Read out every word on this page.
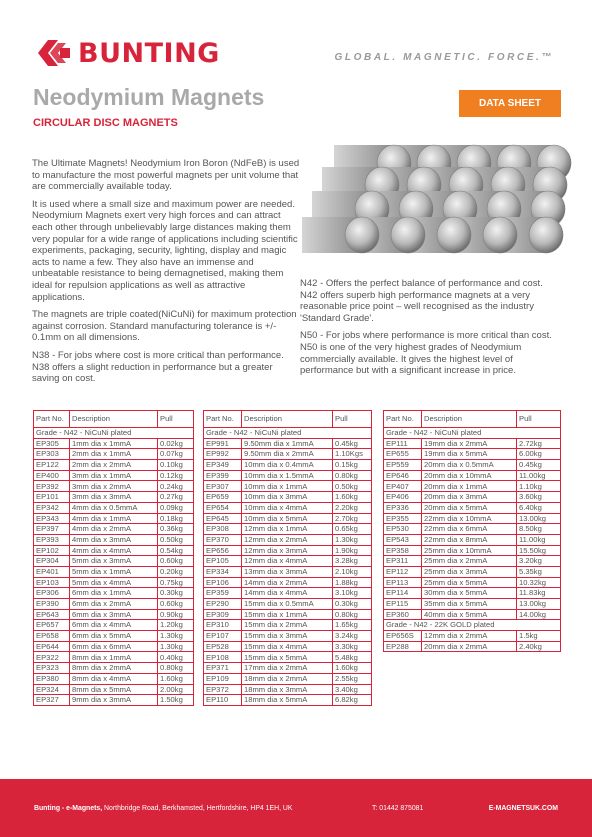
BUNTING	GLOBAL. MAGNETIC. FORCE.™
Neodymium Magnets
CIRCULAR DISC MAGNETS
DATA SHEET

The Ultimate Magnets! Neodymium Iron Boron (NdFeB) is used to manufacture the most powerful magnets per unit volume that are commercially available today.

It is used where a small size and maximum power are needed. Neodymium Magnets exert very high forces and can attract each other through unbelievably large distances making them very popular for a wide range of applications including scientific experiments, packaging, security, lighting, display and magic acts to name a few. They also have an immense and unbeatable resistance to being demagnetised, making them ideal for repulsion applications as well as attractive applications.

The magnets are triple coated(NiCuNi) for maximum protection against corrosion. Standard manufacturing tolerance is +/- 0.1mm on all dimensions.

N38 - For jobs where cost is more critical than performance. N38 offers a slight reduction in performance but a greater saving on cost.

N42 - Offers the perfect balance of performance and cost. N42 offers superb high performance magnets at a very reasonable price point – well recognised as the industry 'Standard Grade'.

N50 - For jobs where performance is more critical than cost. N50 is one of the very highest grades of Neodymium commercially available. It gives the highest level of performance but with a significant increase in price.

Part No.	Description	Pull
Grade - N42 - NiCuNi plated		
EP305	1mm dia x 1mmA	0.02kg
EP303	2mm dia x 1mmA	0.07kg
EP122	2mm dia x 2mmA	0.10kg
EP400	3mm dia x 1mmA	0.12kg
EP392	3mm dia x 2mmA	0.24kg
EP101	3mm dia x 3mmA	0.27kg
EP342	4mm dia x 0.5mmA	0.09kg
EP343	4mm dia x 1mmA	0.18kg
EP397	4mm dia x 2mmA	0.36kg
EP393	4mm dia x 3mmA	0.50kg
EP102	4mm dia x 4mmA	0.54kg
EP304	5mm dia x 3mmA	0.60kg
EP401	5mm dia x 1mmA	0.20kg
EP103	5mm dia x 4mmA	0.75kg
EP306	6mm dia x 1mmA	0.30kg
EP390	6mm dia x 2mmA	0.60kg
EP643	6mm dia x 3mmA	0.90kg
EP657	6mm dia x 4mmA	1.20kg
EP658	6mm dia x 5mmA	1.30kg
EP644	6mm dia x 6mmA	1.30kg
EP322	8mm dia x 1mmA	0.40kg
EP323	8mm dia x 2mmA	0.80kg
EP380	8mm dia x 4mmA	1.60kg
EP324	8mm dia x 5mmA	2.00kg
EP327	9mm dia x 3mmA	1.50kg
Part No.	Description	Pull
Grade - N42 - NiCuNi plated		
EP991	9.50mm dia x 1mmA	0.45kg
EP992	9.50mm dia x 2mmA	1.10Kgs
EP349	10mm dia x 0.4mmA	0.15kg
EP399	10mm dia x 1.5mmA	0.80kg
EP307	10mm dia x 1mmA	0.50kg
EP659	10mm dia x 3mmA	1.60kg
EP654	10mm dia x 4mmA	2.20kg
EP645	10mm dia x 5mmA	2.70kg
EP308	12mm dia x 1mmA	0.65kg
EP370	12mm dia x 2mmA	1.30kg
EP656	12mm dia x 3mmA	1.90kg
EP105	12mm dia x 4mmA	3.28kg
EP334	13mm dia x 3mmA	2.10kg
EP106	14mm dia x 2mmA	1.88kg
EP359	14mm dia x 4mmA	3.10kg
EP290	15mm dia x 0.5mmA	0.30kg
EP309	15mm dia x 1mmA	0.80kg
EP310	15mm dia x 2mmA	1.65kg
EP107	15mm dia x 3mmA	3.24kg
EP528	15mm dia x 4mmA	3.30kg
EP108	15mm dia x 5mmA	5.48kg
EP371	17mm dia x 2mmA	1.60kg
EP109	18mm dia x 2mmA	2.55kg
EP372	18mm dia x 3mmA	3.40kg
EP110	18mm dia x 5mmA	6.82kg
Part No.	Description	Pull
Grade - N42 - NiCuNi plated		
EP111	19mm dia x 2mmA	2.72kg
EP655	19mm dia x 5mmA	6.00kg
EP559	20mm dia x 0.5mmA	0.45kg
EP646	20mm dia x 10mmA	11.00kg
EP407	20mm dia x 1mmA	1.10kg
EP406	20mm dia x 3mmA	3.60kg
EP336	20mm dia x 5mmA	6.40kg
EP355	22mm dia x 10mmA	13.00kg
EP530	22mm dia x 6mmA	8.50kg
EP543	22mm dia x 8mmA	11.00kg
EP358	25mm dia x 10mmA	15.50kg
EP311	25mm dia x 2mmA	3.20kg
EP112	25mm dia x 3mmA	5.35kg
EP113	25mm dia x 5mmA	10.32kg
EP114	30mm dia x 5mmA	11.83kg
EP115	35mm dia x 5mmA	13.00kg
EP360	40mm dia x 5mmA	14.00kg
Grade - N42 - 22K GOLD plated		
EP656S	12mm dia x 2mmA	1.5kg
EP288	20mm dia x 2mmA	2.40kg
Bunting - e-Magnets, Northbridge Road, Berkhamsted, Hertfordshire, HP4 1EH, UK	T: 01442 875081	E-MAGNETSUK.COM
